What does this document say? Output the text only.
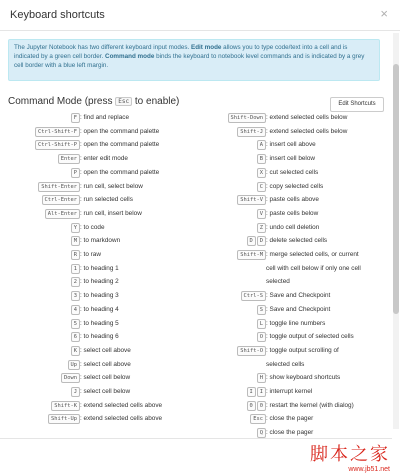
Keyboard shortcuts	×
The Jupyter Notebook has two different keyboard input modes. Edit mode allows you to type code/text into a cell and is indicated by a green cell border. Command mode binds the keyboard to notebook level commands and is indicated by a grey cell border with a blue left margin.
Command Mode (press Esc to enable)	Edit Shortcuts
F : find and replace
Ctrl-Shift-F : open the command palette
Ctrl-Shift-P : open the command palette
Enter : enter edit mode
P : open the command palette
Shift-Enter : run cell, select below
Ctrl-Enter : run selected cells
Alt-Enter : run cell, insert below
Y : to code
M : to markdown
R : to raw
1 : to heading 1
2 : to heading 2
3 : to heading 3
4 : to heading 4
5 : to heading 5
6 : to heading 6
K : select cell above
Up : select cell above
Down : select cell below
J : select cell below
Shift-K : extend selected cells above
Shift-Up : extend selected cells above
Shift-Down : extend selected cells below
Shift-J : extend selected cells below
A : insert cell above
B : insert cell below
X : cut selected cells
C : copy selected cells
Shift-V : paste cells above
V : paste cells below
Z : undo cell deletion
D D : delete selected cells
Shift-M : merge selected cells, or current
cell with cell below if only one cell
selected
Ctrl-S : Save and Checkpoint
S : Save and Checkpoint
L : toggle line numbers
O : toggle output of selected cells
Shift-O : toggle output scrolling of
selected cells
H : show keyboard shortcuts
I I : interrupt kernel
0 0 : restart the kernel (with dialog)
Esc : close the pager
Q : close the pager
脚本之家
www.jb51.net
